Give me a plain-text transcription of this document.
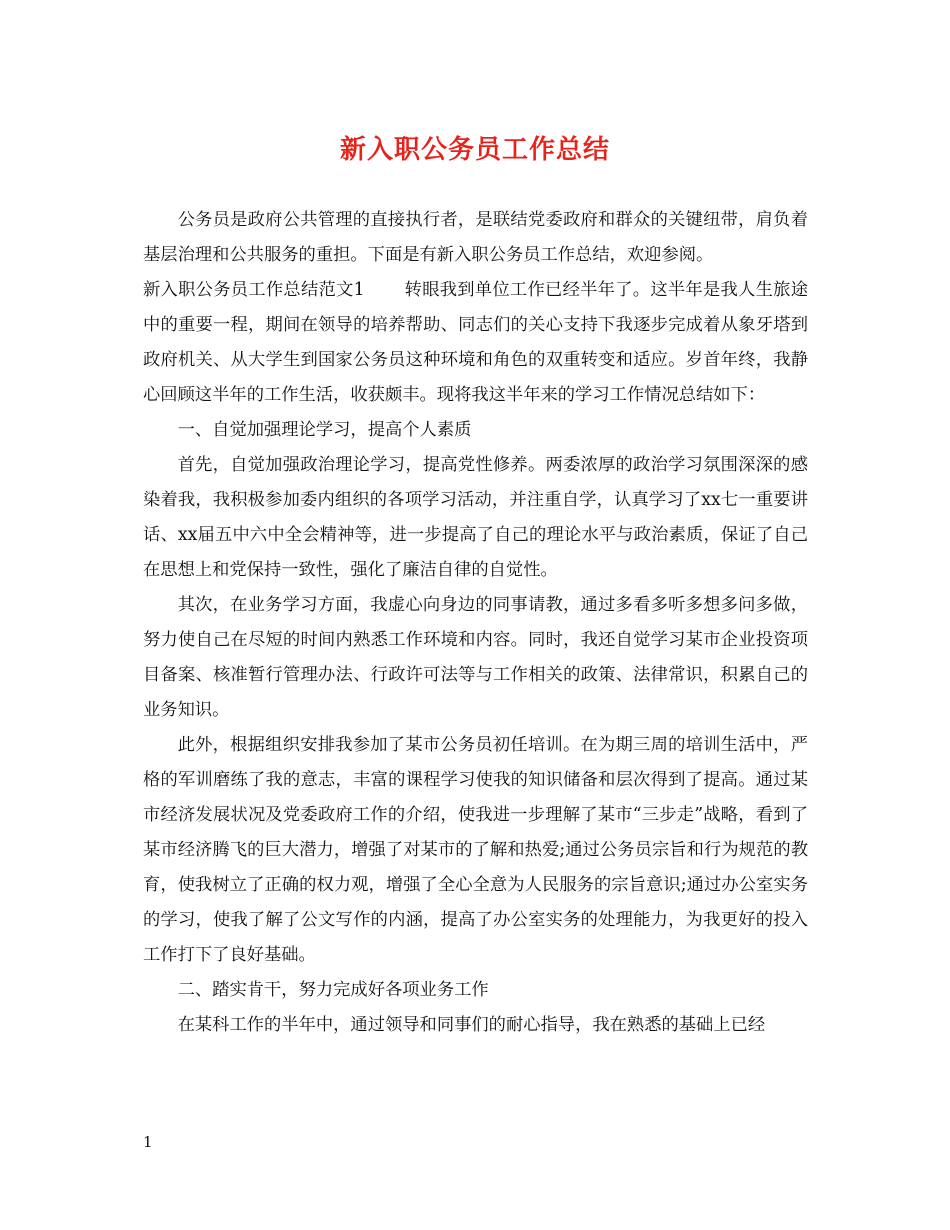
新入职公务员工作总结

公务员是政府公共管理的直接执行者，是联结党委政府和群众的关键纽带，肩负着基层治理和公共服务的重担。下面是有新入职公务员工作总结，欢迎参阅。

新入职公务员工作总结范文1 转眼我到单位工作已经半年了。这半年是我人生旅途中的重要一程，期间在领导的培养帮助、同志们的关心支持下我逐步完成着从象牙塔到政府机关、从大学生到国家公务员这种环境和角色的双重转变和适应。岁首年终，我静心回顾这半年的工作生活，收获颇丰。现将我这半年来的学习工作情况总结如下：

一、自觉加强理论学习，提高个人素质

首先，自觉加强政治理论学习，提高党性修养。两委浓厚的政治学习氛围深深的感染着我，我积极参加委内组织的各项学习活动，并注重自学，认真学习了xx七一重要讲话、xx届五中六中全会精神等，进一步提高了自己的理论水平与政治素质，保证了自己在思想上和党保持一致性，强化了廉洁自律的自觉性。

其次，在业务学习方面，我虚心向身边的同事请教，通过多看多听多想多问多做，努力使自己在尽短的时间内熟悉工作环境和内容。同时，我还自觉学习某市企业投资项目备案、核准暂行管理办法、行政许可法等与工作相关的政策、法律常识，积累自己的业务知识。

此外，根据组织安排我参加了某市公务员初任培训。在为期三周的培训生活中，严格的军训磨练了我的意志，丰富的课程学习使我的知识储备和层次得到了提高。通过某市经济发展状况及党委政府工作的介绍，使我进一步理解了某市“三步走”战略，看到了某市经济腾飞的巨大潜力，增强了对某市的了解和热爱;通过公务员宗旨和行为规范的教育，使我树立了正确的权力观，增强了全心全意为人民服务的宗旨意识;通过办公室实务的学习，使我了解了公文写作的内涵，提高了办公室实务的处理能力，为我更好的投入工作打下了良好基础。

二、踏实肯干，努力完成好各项业务工作

在某科工作的半年中，通过领导和同事们的耐心指导，我在熟悉的基础上已经

1
